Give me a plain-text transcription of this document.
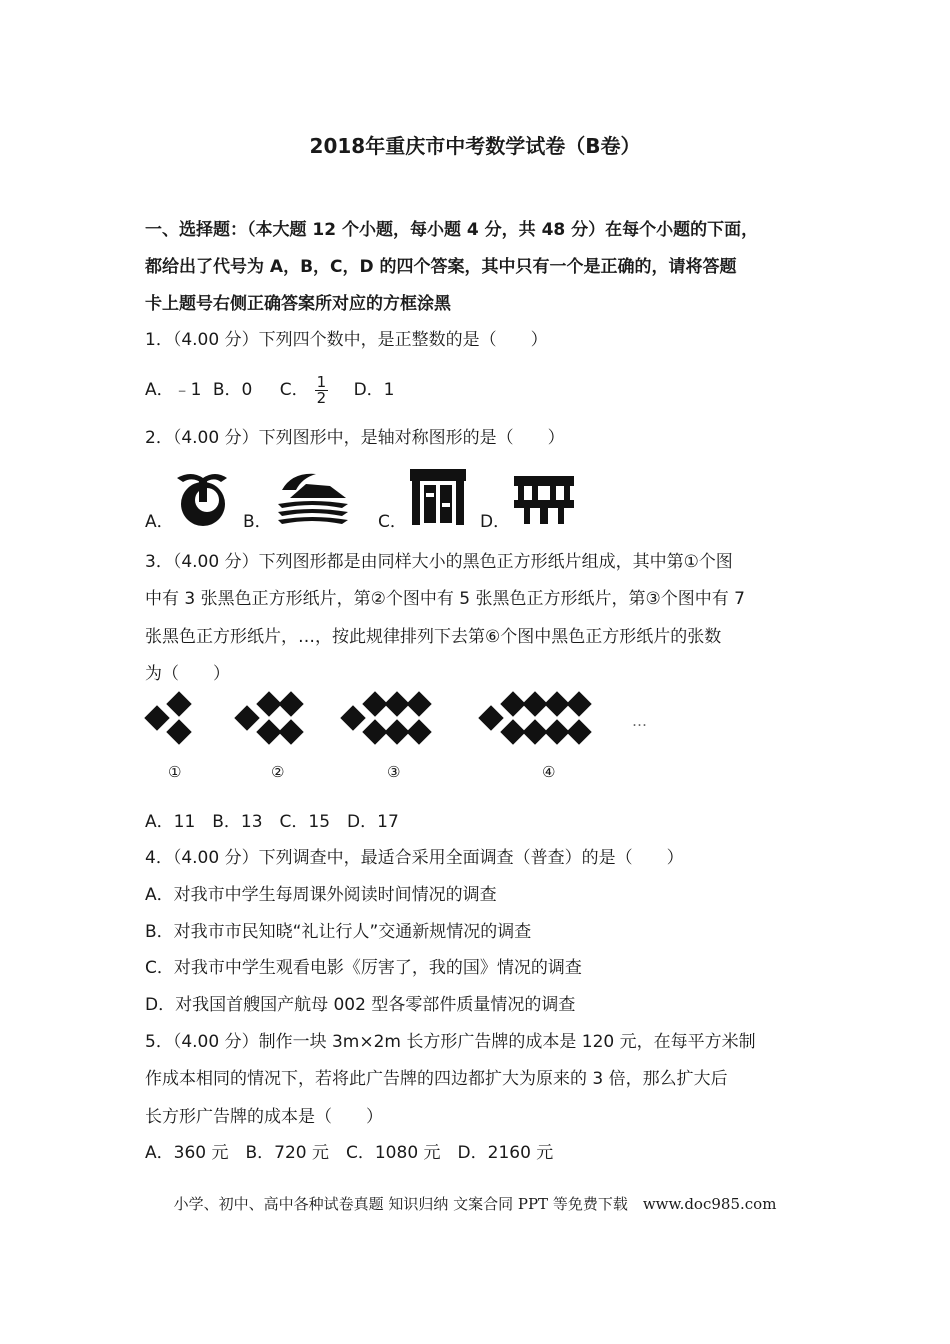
2018年重庆市中考数学试卷（B卷）
一、选择题：（本大题 12 个小题，每小题 4 分，共 48 分）在每个小题的下面，
都给出了代号为 A，B，C，D 的四个答案，其中只有一个是正确的，请将答题
卡上题号右侧正确答案所对应的方框涂黑
1．（4.00 分）下列四个数中，是正整数的是（　　）
A．﹣1 B．0 C． $\frac{1}{2}$ D．1
2．（4.00 分）下列图形中，是轴对称图形的是（　　）
A．	B．	C．	D．
3．（4.00 分）下列图形都是由同样大小的黑色正方形纸片组成，其中第①个图
中有 3 张黑色正方形纸片，第②个图中有 5 张黑色正方形纸片，第③个图中有 7
张黑色正方形纸片，…，按此规律排列下去第⑥个图中黑色正方形纸片的张数
为（　　）
…
①	②	③	④
A．11　B．13　C．15　D．17
4．（4.00 分）下列调查中，最适合采用全面调查（普查）的是（　　）
A．对我市中学生每周课外阅读时间情况的调查
B．对我市市民知晓“礼让行人”交通新规情况的调查
C．对我市中学生观看电影《厉害了，我的国》情况的调查
D．对我国首艘国产航母 002 型各零部件质量情况的调查
5．（4.00 分）制作一块 3m×2m 长方形广告牌的成本是 120 元，在每平方米制
作成本相同的情况下，若将此广告牌的四边都扩大为原来的 3 倍，那么扩大后
长方形广告牌的成本是（　　）
A．360 元　B．720 元　C．1080 元　D．2160 元
小学、初中、高中各种试卷真题 知识归纳 文案合同 PPT 等免费下载　www.doc985.com
